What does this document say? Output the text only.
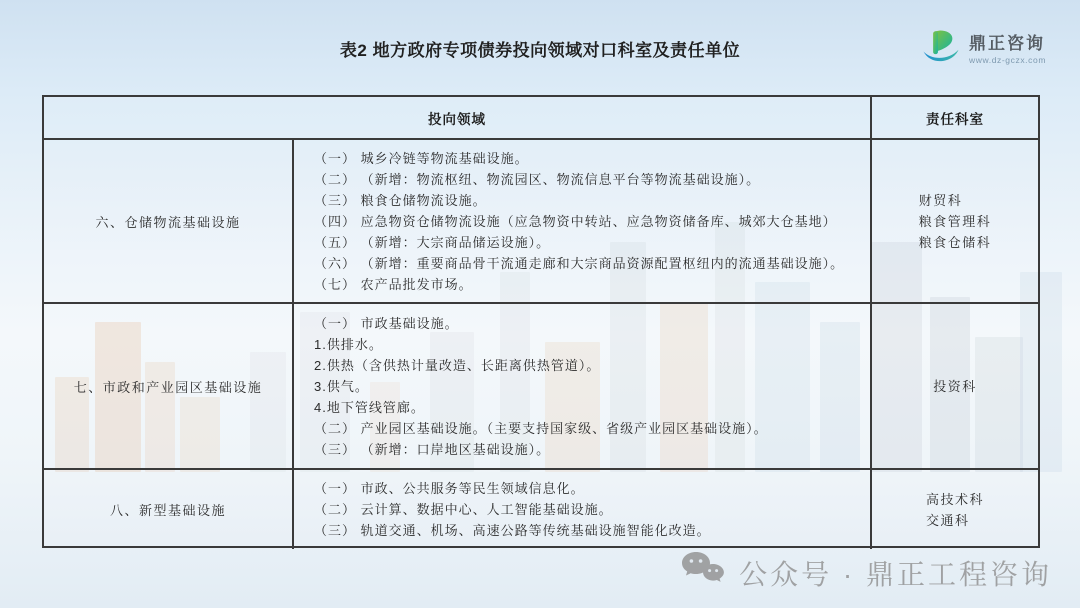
表2 地方政府专项债券投向领域对口科室及责任单位	鼎正咨询
www.dz-gczx.com
投向领域	责任科室
六、仓储物流基础设施
（一） 城乡冷链等物流基础设施。
（二） （新增：物流枢纽、物流园区、物流信息平台等物流基础设施）。
（三） 粮食仓储物流设施。
（四） 应急物资仓储物流设施（应急物资中转站、应急物资储备库、城郊大仓基地）
（五） （新增：大宗商品储运设施）。
（六） （新增：重要商品骨干流通走廊和大宗商品资源配置枢纽内的流通基础设施）。
（七） 农产品批发市场。
财贸科
粮食管理科
粮食仓储科
七、市政和产业园区基础设施
（一） 市政基础设施。
1.供排水。
2.供热（含供热计量改造、长距离供热管道）。
3.供气。
4.地下管线管廊。
（二） 产业园区基础设施。（主要支持国家级、省级产业园区基础设施）。
（三） （新增：口岸地区基础设施）。
投资科
八、新型基础设施
（一） 市政、公共服务等民生领域信息化。
（二） 云计算、数据中心、人工智能基础设施。
（三） 轨道交通、机场、高速公路等传统基础设施智能化改造。
高技术科
交通科
公众号 · 鼎正工程咨询
